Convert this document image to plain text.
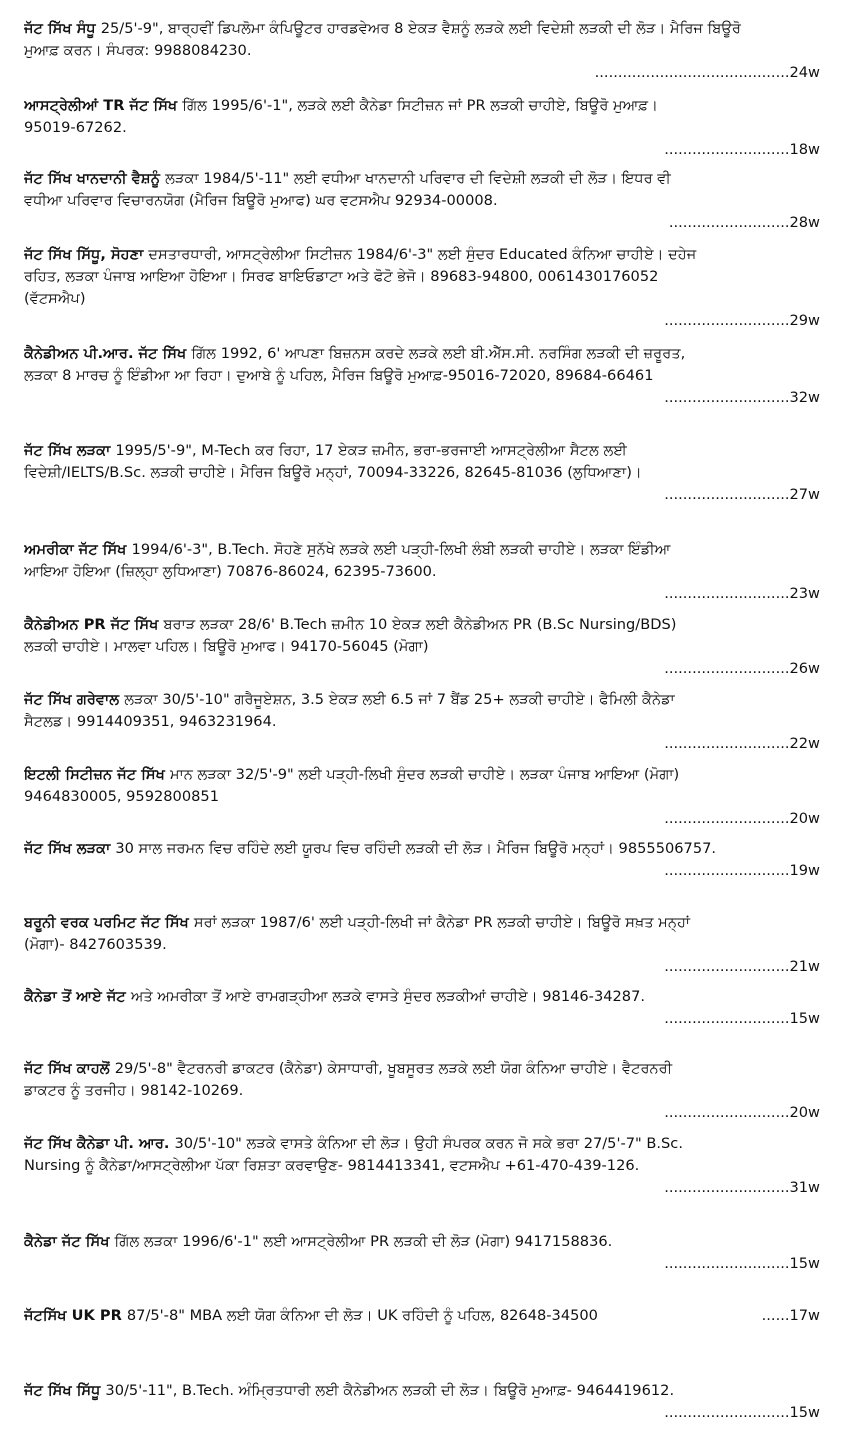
ਜੱਟ ਸਿੱਖ ਸੰਧੂ 25/5'-9", ਬਾਰ੍ਹਵੀਂ ਡਿਪਲੋਮਾ ਕੰਪਿਊਟਰ ਹਾਰਡਵੇਅਰ 8 ਏਕੜ ਵੈਸ਼ਨੂੰ ਲੜਕੇ ਲਈ ਵਿਦੇਸ਼ੀ ਲੜਕੀ ਦੀ ਲੋੜ। ਮੈਰਿਜ ਬਿਊਰੋ
ਮੁਆਫ਼ ਕਰਨ। ਸੰਪਰਕ: 9988084230.
..........................................24w
ਆਸਟ੍ਰੇਲੀਆਂ TR ਜੱਟ ਸਿੱਖ ਗਿੱਲ 1995/6'-1", ਲੜਕੇ ਲਈ ਕੈਨੇਡਾ ਸਿਟੀਜ਼ਨ ਜਾਂ PR ਲੜਕੀ ਚਾਹੀਏ, ਬਿਊਰੋ ਮੁਆਫ਼।
95019-67262.
...........................18w
ਜੱਟ ਸਿੱਖ ਖਾਨਦਾਨੀ ਵੈਸ਼ਨੂੰ ਲੜਕਾ 1984/5'-11" ਲਈ ਵਧੀਆ ਖਾਨਦਾਨੀ ਪਰਿਵਾਰ ਦੀ ਵਿਦੇਸ਼ੀ ਲੜਕੀ ਦੀ ਲੋੜ। ਇਧਰ ਵੀ
ਵਧੀਆ ਪਰਿਵਾਰ ਵਿਚਾਰਨਯੋਗ (ਮੈਰਿਜ ਬਿਊਰੋ ਮੁਆਫ) ਘਰ ਵਟਸਐਪ 92934-00008.
..........................28w
ਜੱਟ ਸਿੱਖ ਸਿੱਧੂ, ਸੋਹਣਾ ਦਸਤਾਰਧਾਰੀ, ਆਸਟ੍ਰੇਲੀਆ ਸਿਟੀਜ਼ਨ 1984/6'-3" ਲਈ ਸੁੰਦਰ Educated ਕੰਨਿਆ ਚਾਹੀਏ। ਦਹੇਜ
ਰਹਿਤ, ਲੜਕਾ ਪੰਜਾਬ ਆਇਆ ਹੋਇਆ। ਸਿਰਫ ਬਾਇਓਡਾਟਾ ਅਤੇ ਫੋਟੋ ਭੇਜੋ। 89683-94800, 0061430176052
(ਵੱਟਸਐਪ)
...........................29w
ਕੈਨੇਡੀਅਨ ਪੀ.ਆਰ. ਜੱਟ ਸਿੱਖ ਗਿੱਲ 1992, 6' ਆਪਣਾ ਬਿਜ਼ਨਸ ਕਰਦੇ ਲੜਕੇ ਲਈ ਬੀ.ਐੱਸ.ਸੀ. ਨਰਸਿੰਗ ਲੜਕੀ ਦੀ ਜ਼ਰੂਰਤ,
ਲੜਕਾ 8 ਮਾਰਚ ਨੂੰ ਇੰਡੀਆ ਆ ਰਿਹਾ। ਦੁਆਬੇ ਨੂੰ ਪਹਿਲ, ਮੈਰਿਜ ਬਿਊਰੋ ਮੁਆਫ਼-95016-72020, 89684-66461
...........................32w
ਜੱਟ ਸਿੱਖ ਲੜਕਾ 1995/5'-9", M-Tech ਕਰ ਰਿਹਾ, 17 ਏਕੜ ਜ਼ਮੀਨ, ਭਰਾ-ਭਰਜਾਈ ਆਸਟ੍ਰੇਲੀਆ ਸੈਟਲ ਲਈ
ਵਿਦੇਸ਼ੀ/IELTS/B.Sc. ਲੜਕੀ ਚਾਹੀਏ। ਮੈਰਿਜ ਬਿਊਰੋ ਮਨ੍ਹਾਂ, 70094-33226, 82645-81036 (ਲੁਧਿਆਣਾ)।
...........................27w
ਅਮਰੀਕਾ ਜੱਟ ਸਿੱਖ 1994/6'-3", B.Tech. ਸੋਹਣੇ ਸੁਨੱਖੇ ਲੜਕੇ ਲਈ ਪੜ੍ਹੀ-ਲਿਖੀ ਲੰਬੀ ਲੜਕੀ ਚਾਹੀਏ। ਲੜਕਾ ਇੰਡੀਆ
ਆਇਆ ਹੋਇਆ (ਜ਼ਿਲ੍ਹਾ ਲੁਧਿਆਣਾ) 70876-86024, 62395-73600.
...........................23w
ਕੈਨੇਡੀਅਨ PR ਜੱਟ ਸਿੱਖ ਬਰਾੜ ਲੜਕਾ 28/6' B.Tech ਜ਼ਮੀਨ 10 ਏਕੜ ਲਈ ਕੈਨੇਡੀਅਨ PR (B.Sc Nursing/BDS)
ਲੜਕੀ ਚਾਹੀਏ। ਮਾਲਵਾ ਪਹਿਲ। ਬਿਊਰੋ ਮੁਆਫ। 94170-56045 (ਮੋਗਾ)
...........................26w
ਜੱਟ ਸਿੱਖ ਗਰੇਵਾਲ ਲੜਕਾ 30/5'-10" ਗਰੈਜੂਏਸ਼ਨ, 3.5 ਏਕੜ ਲਈ 6.5 ਜਾਂ 7 ਬੈਂਡ 25+ ਲੜਕੀ ਚਾਹੀਏ। ਫੈਮਿਲੀ ਕੈਨੇਡਾ
ਸੈਟਲਡ। 9914409351, 9463231964.
...........................22w
ਇਟਲੀ ਸਿਟੀਜ਼ਨ ਜੱਟ ਸਿੱਖ ਮਾਨ ਲੜਕਾ 32/5'-9" ਲਈ ਪੜ੍ਹੀ-ਲਿਖੀ ਸੁੰਦਰ ਲੜਕੀ ਚਾਹੀਏ। ਲੜਕਾ ਪੰਜਾਬ ਆਇਆ (ਮੋਗਾ)
9464830005, 9592800851
...........................20w
ਜੱਟ ਸਿੱਖ ਲੜਕਾ 30 ਸਾਲ ਜਰਮਨ ਵਿਚ ਰਹਿੰਦੇ ਲਈ ਯੂਰਪ ਵਿਚ ਰਹਿੰਦੀ ਲੜਕੀ ਦੀ ਲੋੜ। ਮੈਰਿਜ ਬਿਊਰੋ ਮਨ੍ਹਾਂ। 9855506757.
...........................19w
ਬਰੂਨੀ ਵਰਕ ਪਰਮਿਟ ਜੱਟ ਸਿੱਖ ਸਰਾਂ ਲੜਕਾ 1987/6' ਲਈ ਪੜ੍ਹੀ-ਲਿਖੀ ਜਾਂ ਕੈਨੇਡਾ PR ਲੜਕੀ ਚਾਹੀਏ। ਬਿਊਰੋ ਸਖ਼ਤ ਮਨ੍ਹਾਂ
(ਮੋਗਾ)- 8427603539.
...........................21w
ਕੈਨੇਡਾ ਤੋਂ ਆਏ ਜੱਟ ਅਤੇ ਅਮਰੀਕਾ ਤੋਂ ਆਏ ਰਾਮਗੜ੍ਹੀਆ ਲੜਕੇ ਵਾਸਤੇ ਸੁੰਦਰ ਲੜਕੀਆਂ ਚਾਹੀਏ। 98146-34287.
...........................15w
ਜੱਟ ਸਿੱਖ ਕਾਹਲੋਂ 29/5'-8" ਵੈਟਰਨਰੀ ਡਾਕਟਰ (ਕੈਨੇਡਾ) ਕੇਸਾਧਾਰੀ, ਖੂਬਸੂਰਤ ਲੜਕੇ ਲਈ ਯੋਗ ਕੰਨਿਆ ਚਾਹੀਏ। ਵੈਟਰਨਰੀ
ਡਾਕਟਰ ਨੂੰ ਤਰਜੀਹ। 98142-10269.
...........................20w
ਜੱਟ ਸਿੱਖ ਕੈਨੇਡਾ ਪੀ. ਆਰ. 30/5'-10" ਲੜਕੇ ਵਾਸਤੇ ਕੰਨਿਆ ਦੀ ਲੋੜ। ਉਹੀ ਸੰਪਰਕ ਕਰਨ ਜੋ ਸਕੇ ਭਰਾ 27/5'-7" B.Sc.
Nursing ਨੂੰ ਕੈਨੇਡਾ/ਆਸਟ੍ਰੇਲੀਆ ਪੱਕਾ ਰਿਸ਼ਤਾ ਕਰਵਾਉਣ- 9814413341, ਵਟਸਐਪ +61-470-439-126.
...........................31w
ਕੈਨੇਡਾ ਜੱਟ ਸਿੱਖ ਗਿੱਲ ਲੜਕਾ 1996/6'-1" ਲਈ ਆਸਟ੍ਰੇਲੀਆ PR ਲੜਕੀ ਦੀ ਲੋੜ (ਮੋਗਾ) 9417158836.
...........................15w
ਜੱਟਸਿੱਖ UK PR	......17w
87/5'-8" MBA ਲਈ ਯੋਗ ਕੰਨਿਆ ਦੀ ਲੋੜ। UK ਰਹਿੰਦੀ ਨੂੰ ਪਹਿਲ, 82648-34500
ਜੱਟ ਸਿੱਖ ਸਿੱਧੂ 30/5'-11", B.Tech. ਅੰਮ੍ਰਿਤਧਾਰੀ ਲਈ ਕੈਨੇਡੀਅਨ ਲੜਕੀ ਦੀ ਲੋੜ। ਬਿਊਰੋ ਮੁਆਫ਼- 9464419612.
...........................15w
